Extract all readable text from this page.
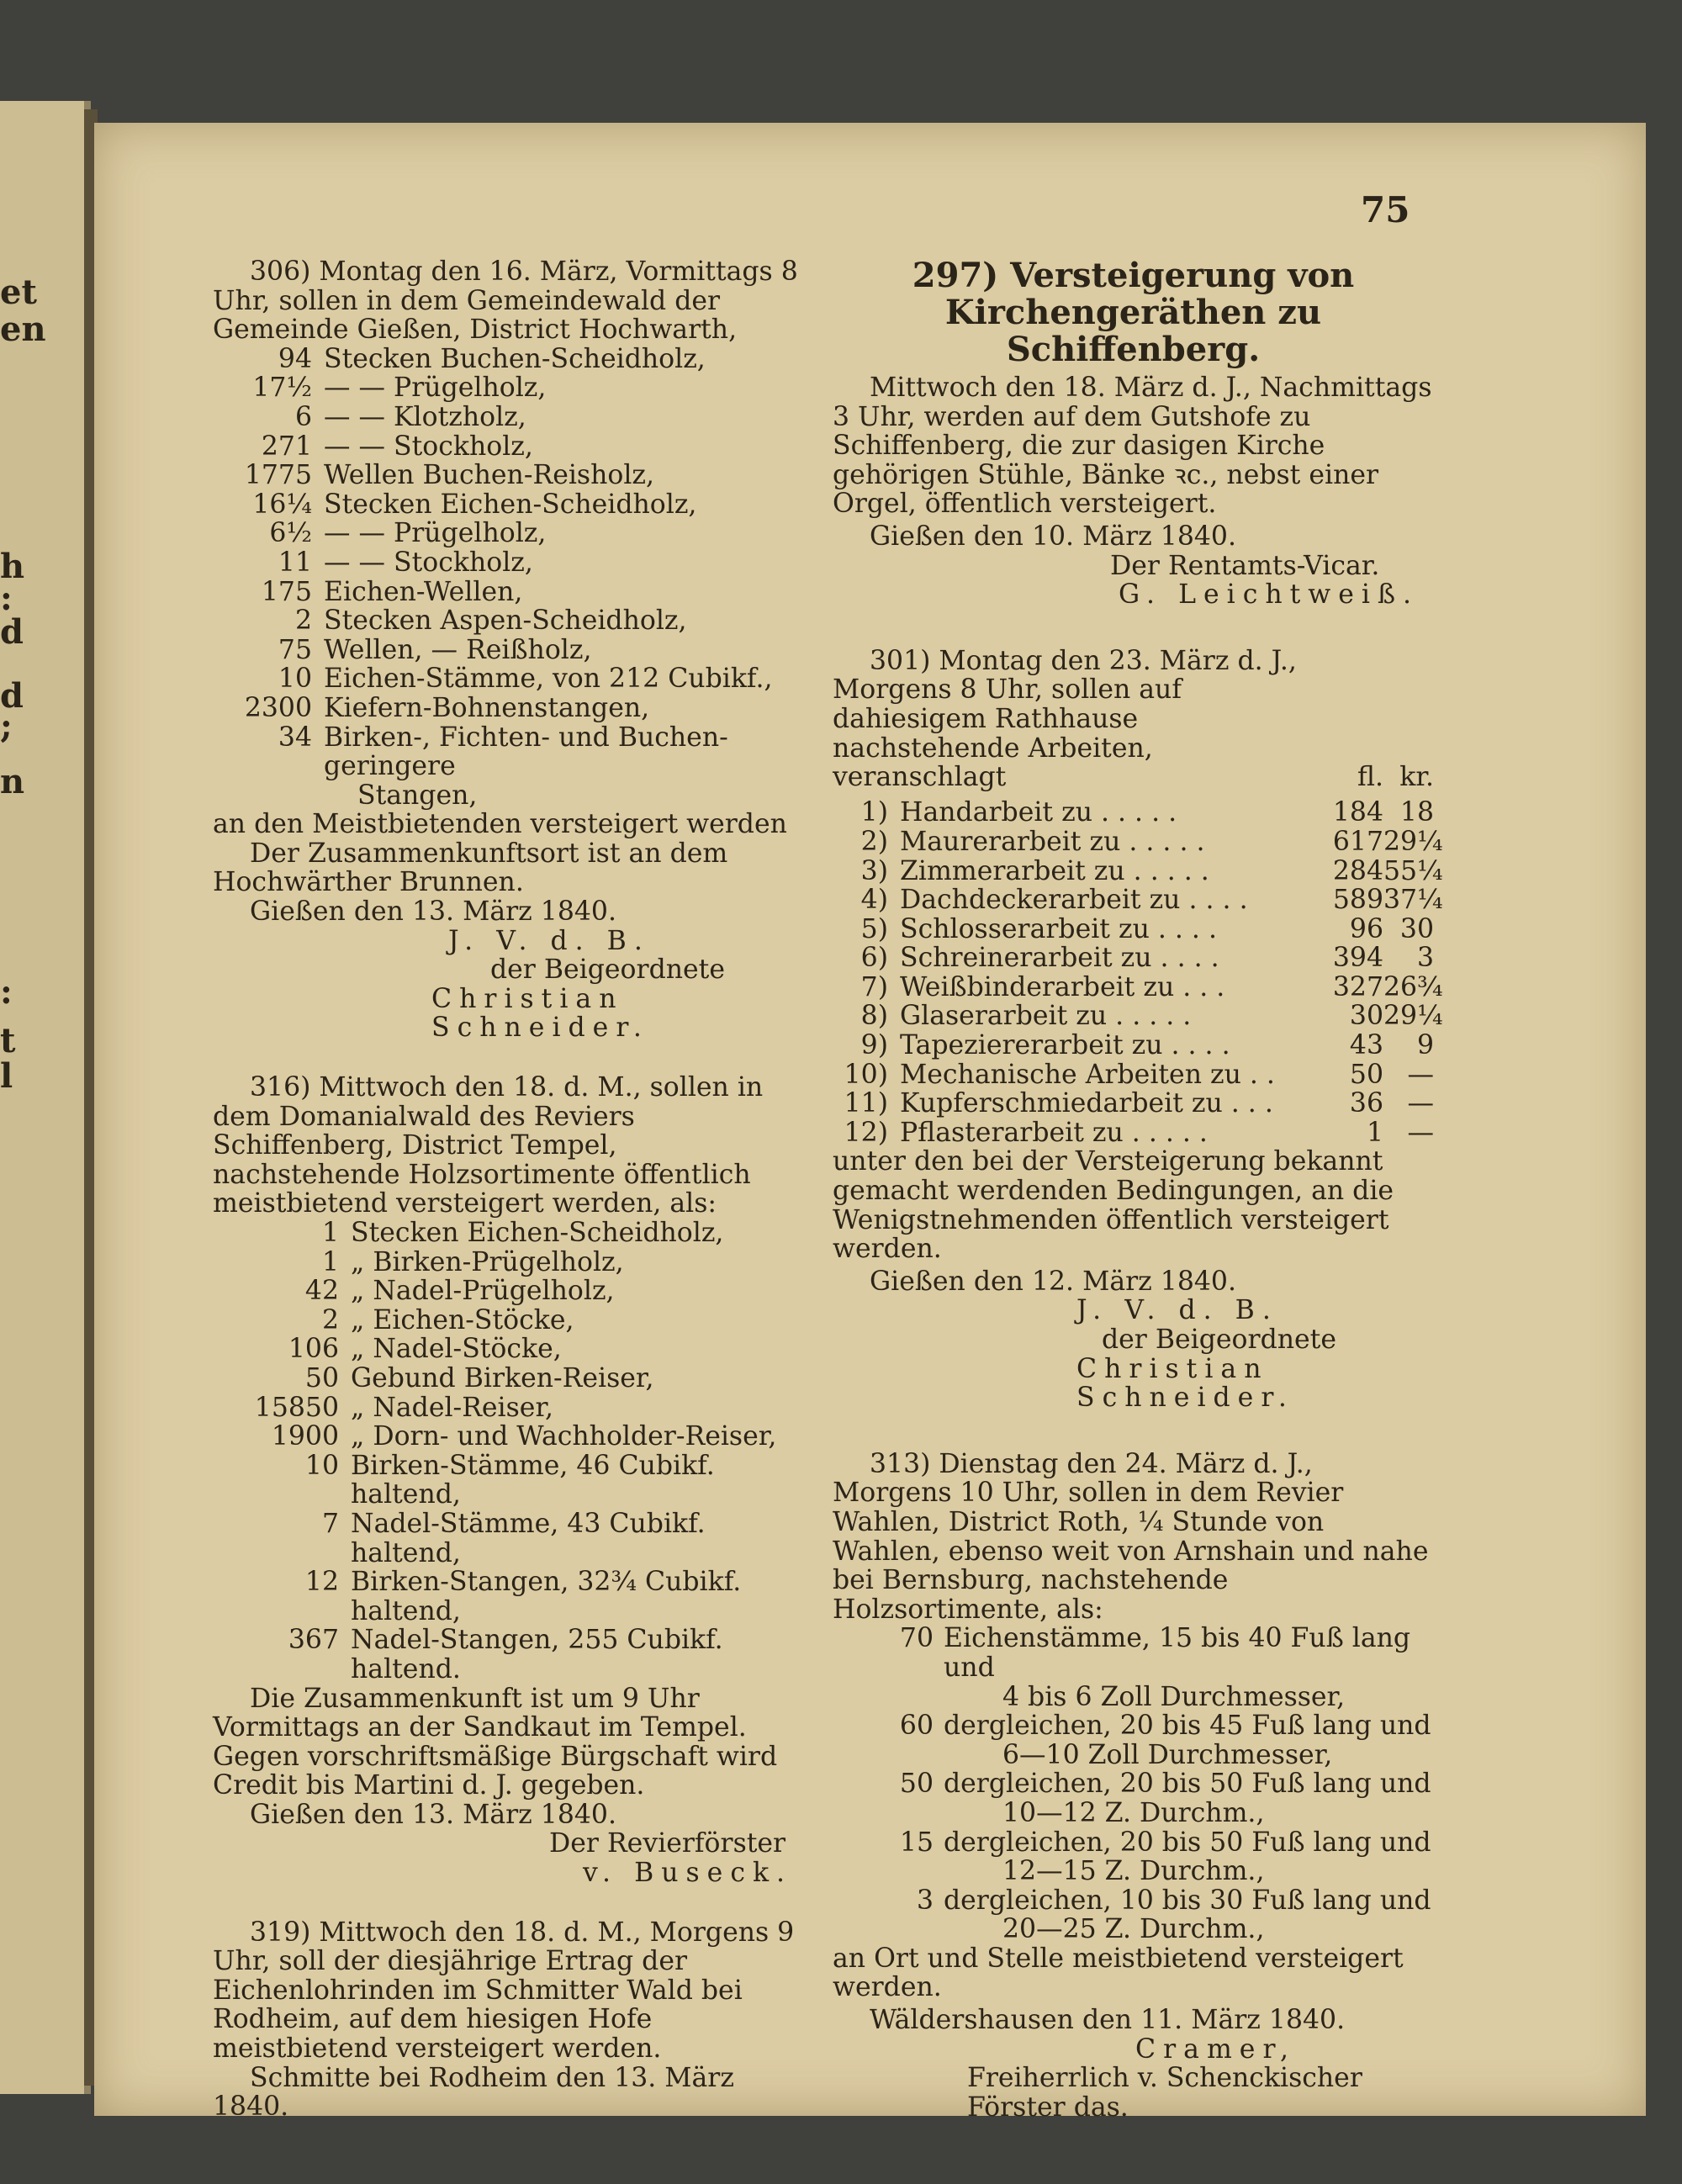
et
en
h
:
d
d
;
n
:
t
l
75

306) Montag den 16. März, Vormittags 8 Uhr, sollen in dem Gemeindewald der Gemeinde Gießen, District Hochwarth,

94 Stecken Buchen-Scheidholz,
17½ — — Prügelholz,
6 — — Klotzholz,
271 — — Stockholz,
1775 Wellen Buchen-Reisholz,
16¼ Stecken Eichen-Scheidholz,
6½ — — Prügelholz,
11 — — Stockholz,
175 Eichen-Wellen,
2 Stecken Aspen-Scheidholz,
75 Wellen, — Reißholz,
10 Eichen-Stämme, von 212 Cubikf.,
2300 Kiefern-Bohnenstangen,
34 Birken-, Fichten- und Buchen- geringere
Stangen,

an den Meistbietenden versteigert werden

Der Zusammenkunftsort ist an dem Hochwärther Brunnen.

Gießen den 13. März 1840.

J. V. d. B.

der Beigeordnete

Christian Schneider.

316) Mittwoch den 18. d. M., sollen in dem Domanialwald des Reviers Schiffenberg, District Tempel, nachstehende Holzsortimente öffentlich meistbietend versteigert werden, als:

1 Stecken Eichen-Scheidholz,
1 „ Birken-Prügelholz,
42 „ Nadel-Prügelholz,
2 „ Eichen-Stöcke,
106 „ Nadel-Stöcke,
50 Gebund Birken-Reiser,
15850 „ Nadel-Reiser,
1900 „ Dorn- und Wachholder-Reiser,
10 Birken-Stämme, 46 Cubikf. haltend,
7 Nadel-Stämme, 43 Cubikf. haltend,
12 Birken-Stangen, 32¾ Cubikf. haltend,
367 Nadel-Stangen, 255 Cubikf. haltend.

Die Zusammenkunft ist um 9 Uhr Vormittags an der Sandkaut im Tempel. Gegen vorschriftsmäßige Bürgschaft wird Credit bis Martini d. J. gegeben.

Gießen den 13. März 1840.

Der Revierförster

v. Buseck.

319) Mittwoch den 18. d. M., Morgens 9 Uhr, soll der diesjährige Ertrag der Eichenlohrinden im Schmitter Wald bei Rodheim, auf dem hiesigen Hofe meistbietend versteigert werden.

Schmitte bei Rodheim den 13. März 1840.

297) Versteigerung von Kirchengeräthen zu Schiffenberg.

Mittwoch den 18. März d. J., Nachmittags 3 Uhr, werden auf dem Gutshofe zu Schiffenberg, die zur dasigen Kirche gehörigen Stühle, Bänke ꝛc., nebst einer Orgel, öffentlich versteigert.

Gießen den 10. März 1840.

Der Rentamts-Vicar.

G. Leichtweiß.

301) Montag den 23. März d. J., Morgens 8 Uhr, sollen auf dahiesigem Rathhause nachstehende Arbeiten, veranschlagt	fl. kr.
1) Handarbeit zu . . . . .	184 18
2) Maurerarbeit zu . . . . .	617 29¼
3) Zimmerarbeit zu . . . . .	284 55¼
4) Dachdeckerarbeit zu . . . .	589 37¼
5) Schlosserarbeit zu . . . .	96 30
6) Schreinerarbeit zu . . . .	394	3
7) Weißbinderarbeit zu . . .	327 26¾
8) Glaserarbeit zu . . . . .	30 29¼
9) Tapeziererarbeit zu . . . .	43	9
10) Mechanische Arbeiten zu . .	50 —
11) Kupferschmiedarbeit zu . . .	36 —
12) Pflasterarbeit zu . . . . .	1 —

unter den bei der Versteigerung bekannt gemacht werdenden Bedingungen, an die Wenigstnehmenden öffentlich versteigert werden.

Gießen den 12. März 1840.

J. V. d. B.

der Beigeordnete

Christian Schneider.

313) Dienstag den 24. März d. J., Morgens 10 Uhr, sollen in dem Revier Wahlen, District Roth, ¼ Stunde von Wahlen, ebenso weit von Arnshain und nahe bei Bernsburg, nachstehende Holzsortimente, als:

70 Eichenstämme, 15 bis 40 Fuß lang und
4 bis 6 Zoll Durchmesser,
60 dergleichen, 20 bis 45 Fuß lang und
6—10 Zoll Durchmesser,
50 dergleichen, 20 bis 50 Fuß lang und
10—12 Z. Durchm.,
15 dergleichen, 20 bis 50 Fuß lang und
12—15 Z. Durchm.,
3 dergleichen, 10 bis 30 Fuß lang und
20—25 Z. Durchm.,

an Ort und Stelle meistbietend versteigert werden.

Wäldershausen den 11. März 1840.

Cramer,

Freiherrlich v. Schenckischer Förster das.
